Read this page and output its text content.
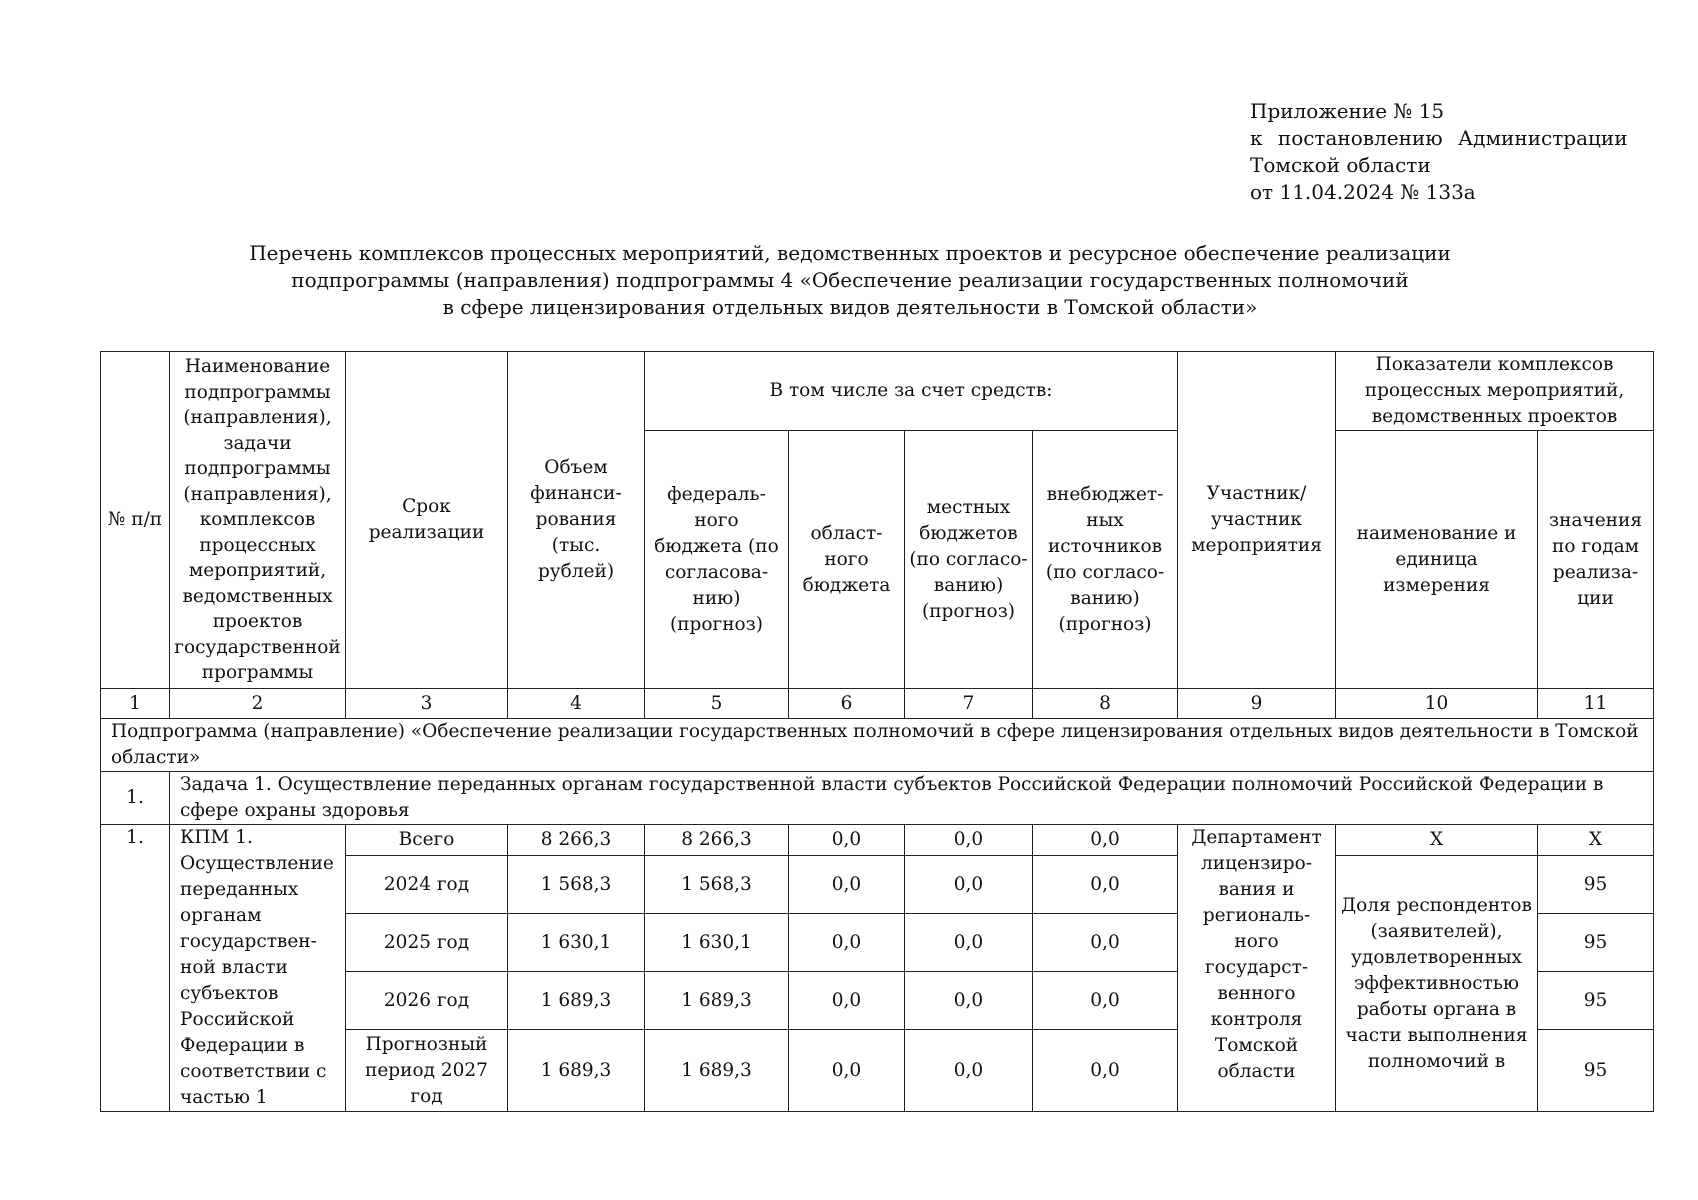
Приложение № 15
к постановлению Администрации
Томской области
от 11.04.2024 № 133а
Перечень комплексов процессных мероприятий, ведомственных проектов и ресурсное обеспечение реализации
подпрограммы (направления) подпрограммы 4 «Обеспечение реализации государственных полномочий
в сфере лицензирования отдельных видов деятельности в Томской области»
№ п/п	Наименование подпрограммы (направления), задачи подпрограммы (направления), комплексов процессных мероприятий, ведомственных проектов государственной программы	Срок реализации	Объем финанси-рования (тыс. рублей)	В том числе за счет средств:				Участник/ участник мероприятия	Показатели комплексов процессных мероприятий, ведомственных проектов	
				федераль-ного бюджета (по согласова-нию) (прогноз)	област-ного бюджета	местных бюджетов (по согласо-ванию) (прогноз)	внебюджет-ных источников (по согласо-ванию) (прогноз)		наименование и единица измерения	значения по годам реализа-ции
1	2	3	4	5	6	7	8	9	10	11
Подпрограмма (направление) «Обеспечение реализации государственных полномочий в сфере лицензирования отдельных видов деятельности в Томской области»										
1.	Задача 1. Осуществление переданных органам государственной власти субъектов Российской Федерации полномочий Российской Федерации в сфере охраны здоровья									
1.	КПМ 1. Осуществление переданных органам государствен-ной власти субъектов Российской Федерации в соответствии с частью 1	Всего	8 266,3	8 266,3	0,0	0,0	0,0	Департамент лицензиро-вания и региональ-ного государст-венного контроля Томской области	X	X
		2024 год	1 568,3	1 568,3	0,0	0,0	0,0		Доля респондентов (заявителей), удовлетворенных эффективностью работы органа в части выполнения полномочий в	95
		2025 год	1 630,1	1 630,1	0,0	0,0	0,0			95
		2026 год	1 689,3	1 689,3	0,0	0,0	0,0			95
		Прогнозный период 2027 год	1 689,3	1 689,3	0,0	0,0	0,0			95
